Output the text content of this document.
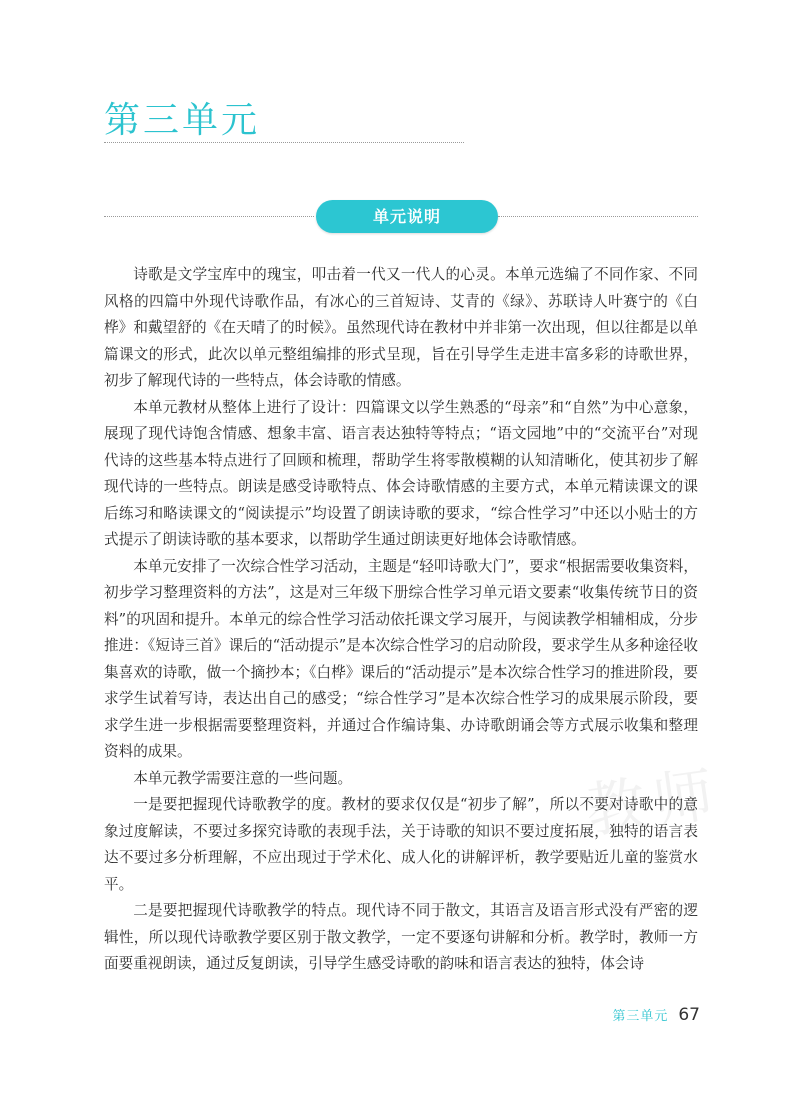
第三单元
单元说明

诗歌是文学宝库中的瑰宝，叩击着一代又一代人的心灵。本单元选编了不同作家、不同风格的四篇中外现代诗歌作品，有冰心的三首短诗、艾青的《绿》、苏联诗人叶赛宁的《白桦》和戴望舒的《在天晴了的时候》。虽然现代诗在教材中并非第一次出现，但以往都是以单篇课文的形式，此次以单元整组编排的形式呈现，旨在引导学生走进丰富多彩的诗歌世界，初步了解现代诗的一些特点，体会诗歌的情感。

本单元教材从整体上进行了设计：四篇课文以学生熟悉的“母亲”和“自然”为中心意象，展现了现代诗饱含情感、想象丰富、语言表达独特等特点；“语文园地”中的“交流平台”对现代诗的这些基本特点进行了回顾和梳理，帮助学生将零散模糊的认知清晰化，使其初步了解现代诗的一些特点。朗读是感受诗歌特点、体会诗歌情感的主要方式，本单元精读课文的课后练习和略读课文的“阅读提示”均设置了朗读诗歌的要求，“综合性学习”中还以小贴士的方式提示了朗读诗歌的基本要求，以帮助学生通过朗读更好地体会诗歌情感。

本单元安排了一次综合性学习活动，主题是“轻叩诗歌大门”，要求“根据需要收集资料，初步学习整理资料的方法”，这是对三年级下册综合性学习单元语文要素“收集传统节日的资料”的巩固和提升。本单元的综合性学习活动依托课文学习展开，与阅读教学相辅相成，分步推进：《短诗三首》课后的“活动提示”是本次综合性学习的启动阶段，要求学生从多种途径收集喜欢的诗歌，做一个摘抄本；《白桦》课后的“活动提示”是本次综合性学习的推进阶段，要求学生试着写诗，表达出自己的感受；“综合性学习”是本次综合性学习的成果展示阶段，要求学生进一步根据需要整理资料，并通过合作编诗集、办诗歌朗诵会等方式展示收集和整理资料的成果。

本单元教学需要注意的一些问题。

一是要把握现代诗歌教学的度。教材的要求仅仅是“初步了解”，所以不要对诗歌中的意象过度解读，不要过多探究诗歌的表现手法，关于诗歌的知识不要过度拓展，独特的语言表达不要过多分析理解，不应出现过于学术化、成人化的讲解评析，教学要贴近儿童的鉴赏水平。

二是要把握现代诗歌教学的特点。现代诗不同于散文，其语言及语言形式没有严密的逻辑性，所以现代诗歌教学要区别于散文教学，一定不要逐句讲解和分析。教学时，教师一方面要重视朗读，通过反复朗读，引导学生感受诗歌的韵味和语言表达的独特，体会诗

教师
第三单元 67
